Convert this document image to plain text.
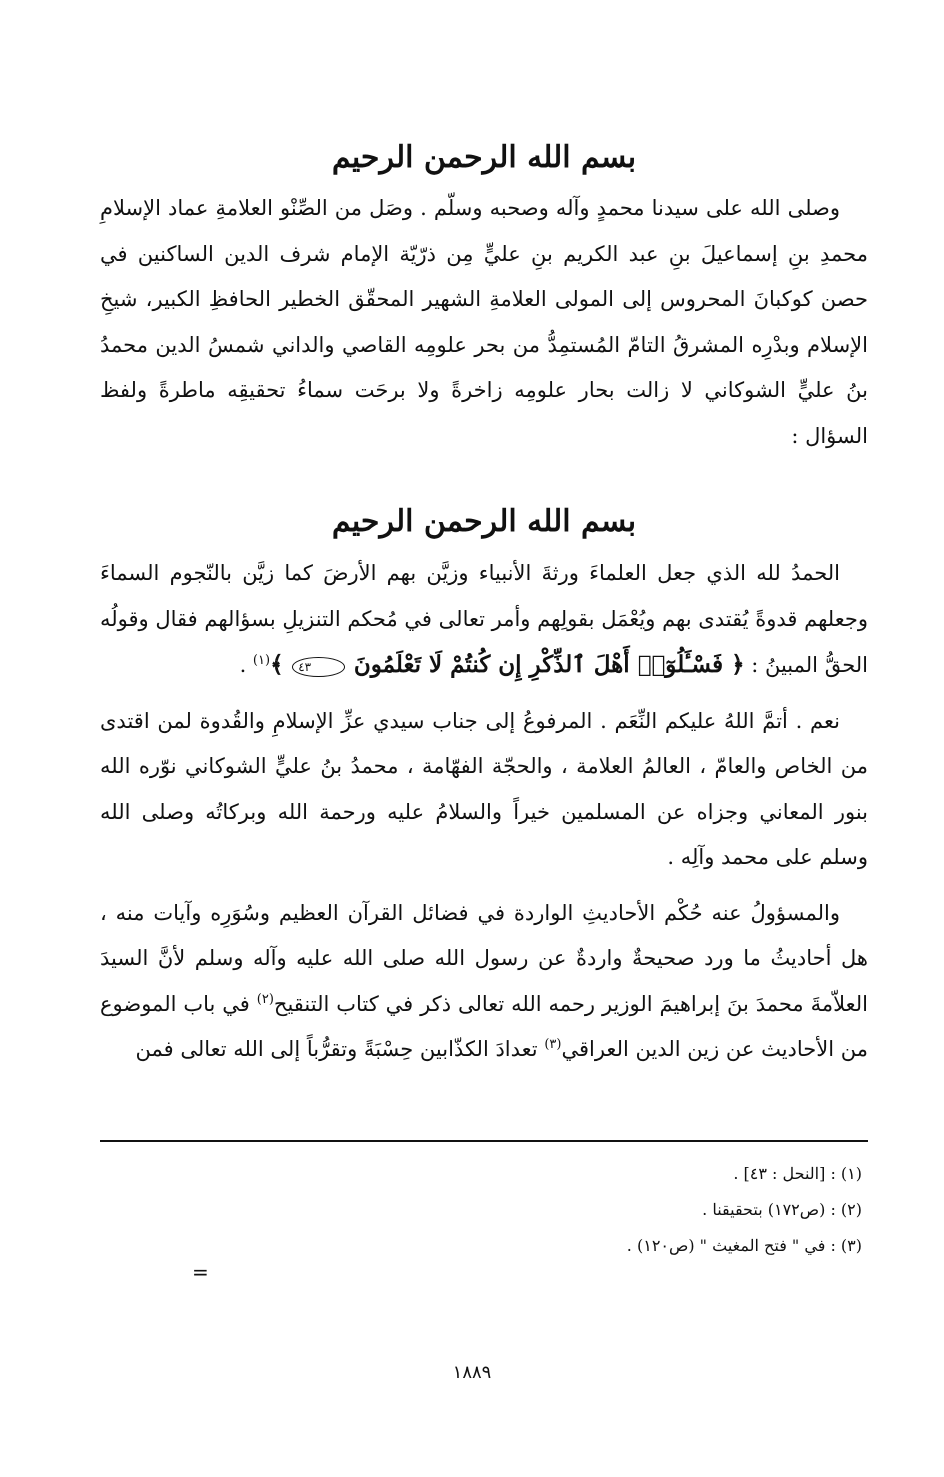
بسم الله الرحمن الرحيم

وصلى الله على سيدنا محمدٍ وآله وصحبه وسلّم . وصَل من الصِّنْو العلامةِ عماد الإسلامِ محمدِ بنِ إسماعيلَ بنِ عبد الكريم بنِ عليٍّ مِن ذرّيّة الإمام شرف الدين الساكنين في حصن كوكبانَ المحروس إلى المولى العلامةِ الشهير المحقّق الخطير الحافظِ الكبير، شيخِ الإسلام وبدْرِه المشرقُ التامّ المُستمِدُّ من بحر علومِه القاصي والداني شمسُ الدين محمدُ بنُ عليٍّ الشوكاني لا زالت بحار علومِه زاخرةً ولا برحَت سماءُ تحقيقِه ماطرةً ولفظ السؤال :

بسم الله الرحمن الرحيم

الحمدُ لله الذي جعل العلماءَ ورثةَ الأنبياء وزيَّن بهم الأرضَ كما زيَّن بالنّجوم السماءَ وجعلهم قدوةً يُقتدى بهم ويُعْمَل بقولِهم وأمر تعالى في مُحكم التنزيلِ بسؤالهم فقال وقولُه الحقُّ المبينُ : ﴿ فَسْـَٔلُوٓا۟ أَهْلَ ٱلذِّكْرِ إِن كُنتُمْ لَا تَعْلَمُونَ ٤٣ ﴾$^{(١)}$ .

نعم . أتمَّ اللهُ عليكم النِّعَم . المرفوعُ إلى جناب سيدي عزِّ الإسلامِ والقُدوة لمن اقتدى من الخاص والعامّ ، العالمُ العلامة ، والحجّة الفهّامة ، محمدُ بنُ عليٍّ الشوكاني نوّره الله بنور المعاني وجزاه عن المسلمين خيراً والسلامُ عليه ورحمة الله وبركاتُه وصلى الله وسلم على محمد وآلِه .

والمسؤولُ عنه حُكْم الأحاديثِ الواردة في فضائل القرآن العظيم وسُوَرِه وآيات منه ، هل أحاديثُ ما ورد صحيحةٌ واردةٌ عن رسول الله صلى الله عليه وآله وسلم لأنَّ السيدَ العلاّمةَ محمدَ بنَ إبراهيمَ الوزير رحمه الله تعالى ذكر في كتاب التنقيح$^{(٢)}$ في باب الموضوع من الأحاديث عن زين الدين العراقي$^{(٣)}$ تعدادَ الكذّابين حِسْبَةً وتقرُّباً إلى الله تعالى فمن

(١) : [النحل : ٤٣] .
(٢) : (ص١٧٢) بتحقيقنا .
(٣) : في " فتح المغيث " (ص١٢٠) .
=
١٨٨٩
